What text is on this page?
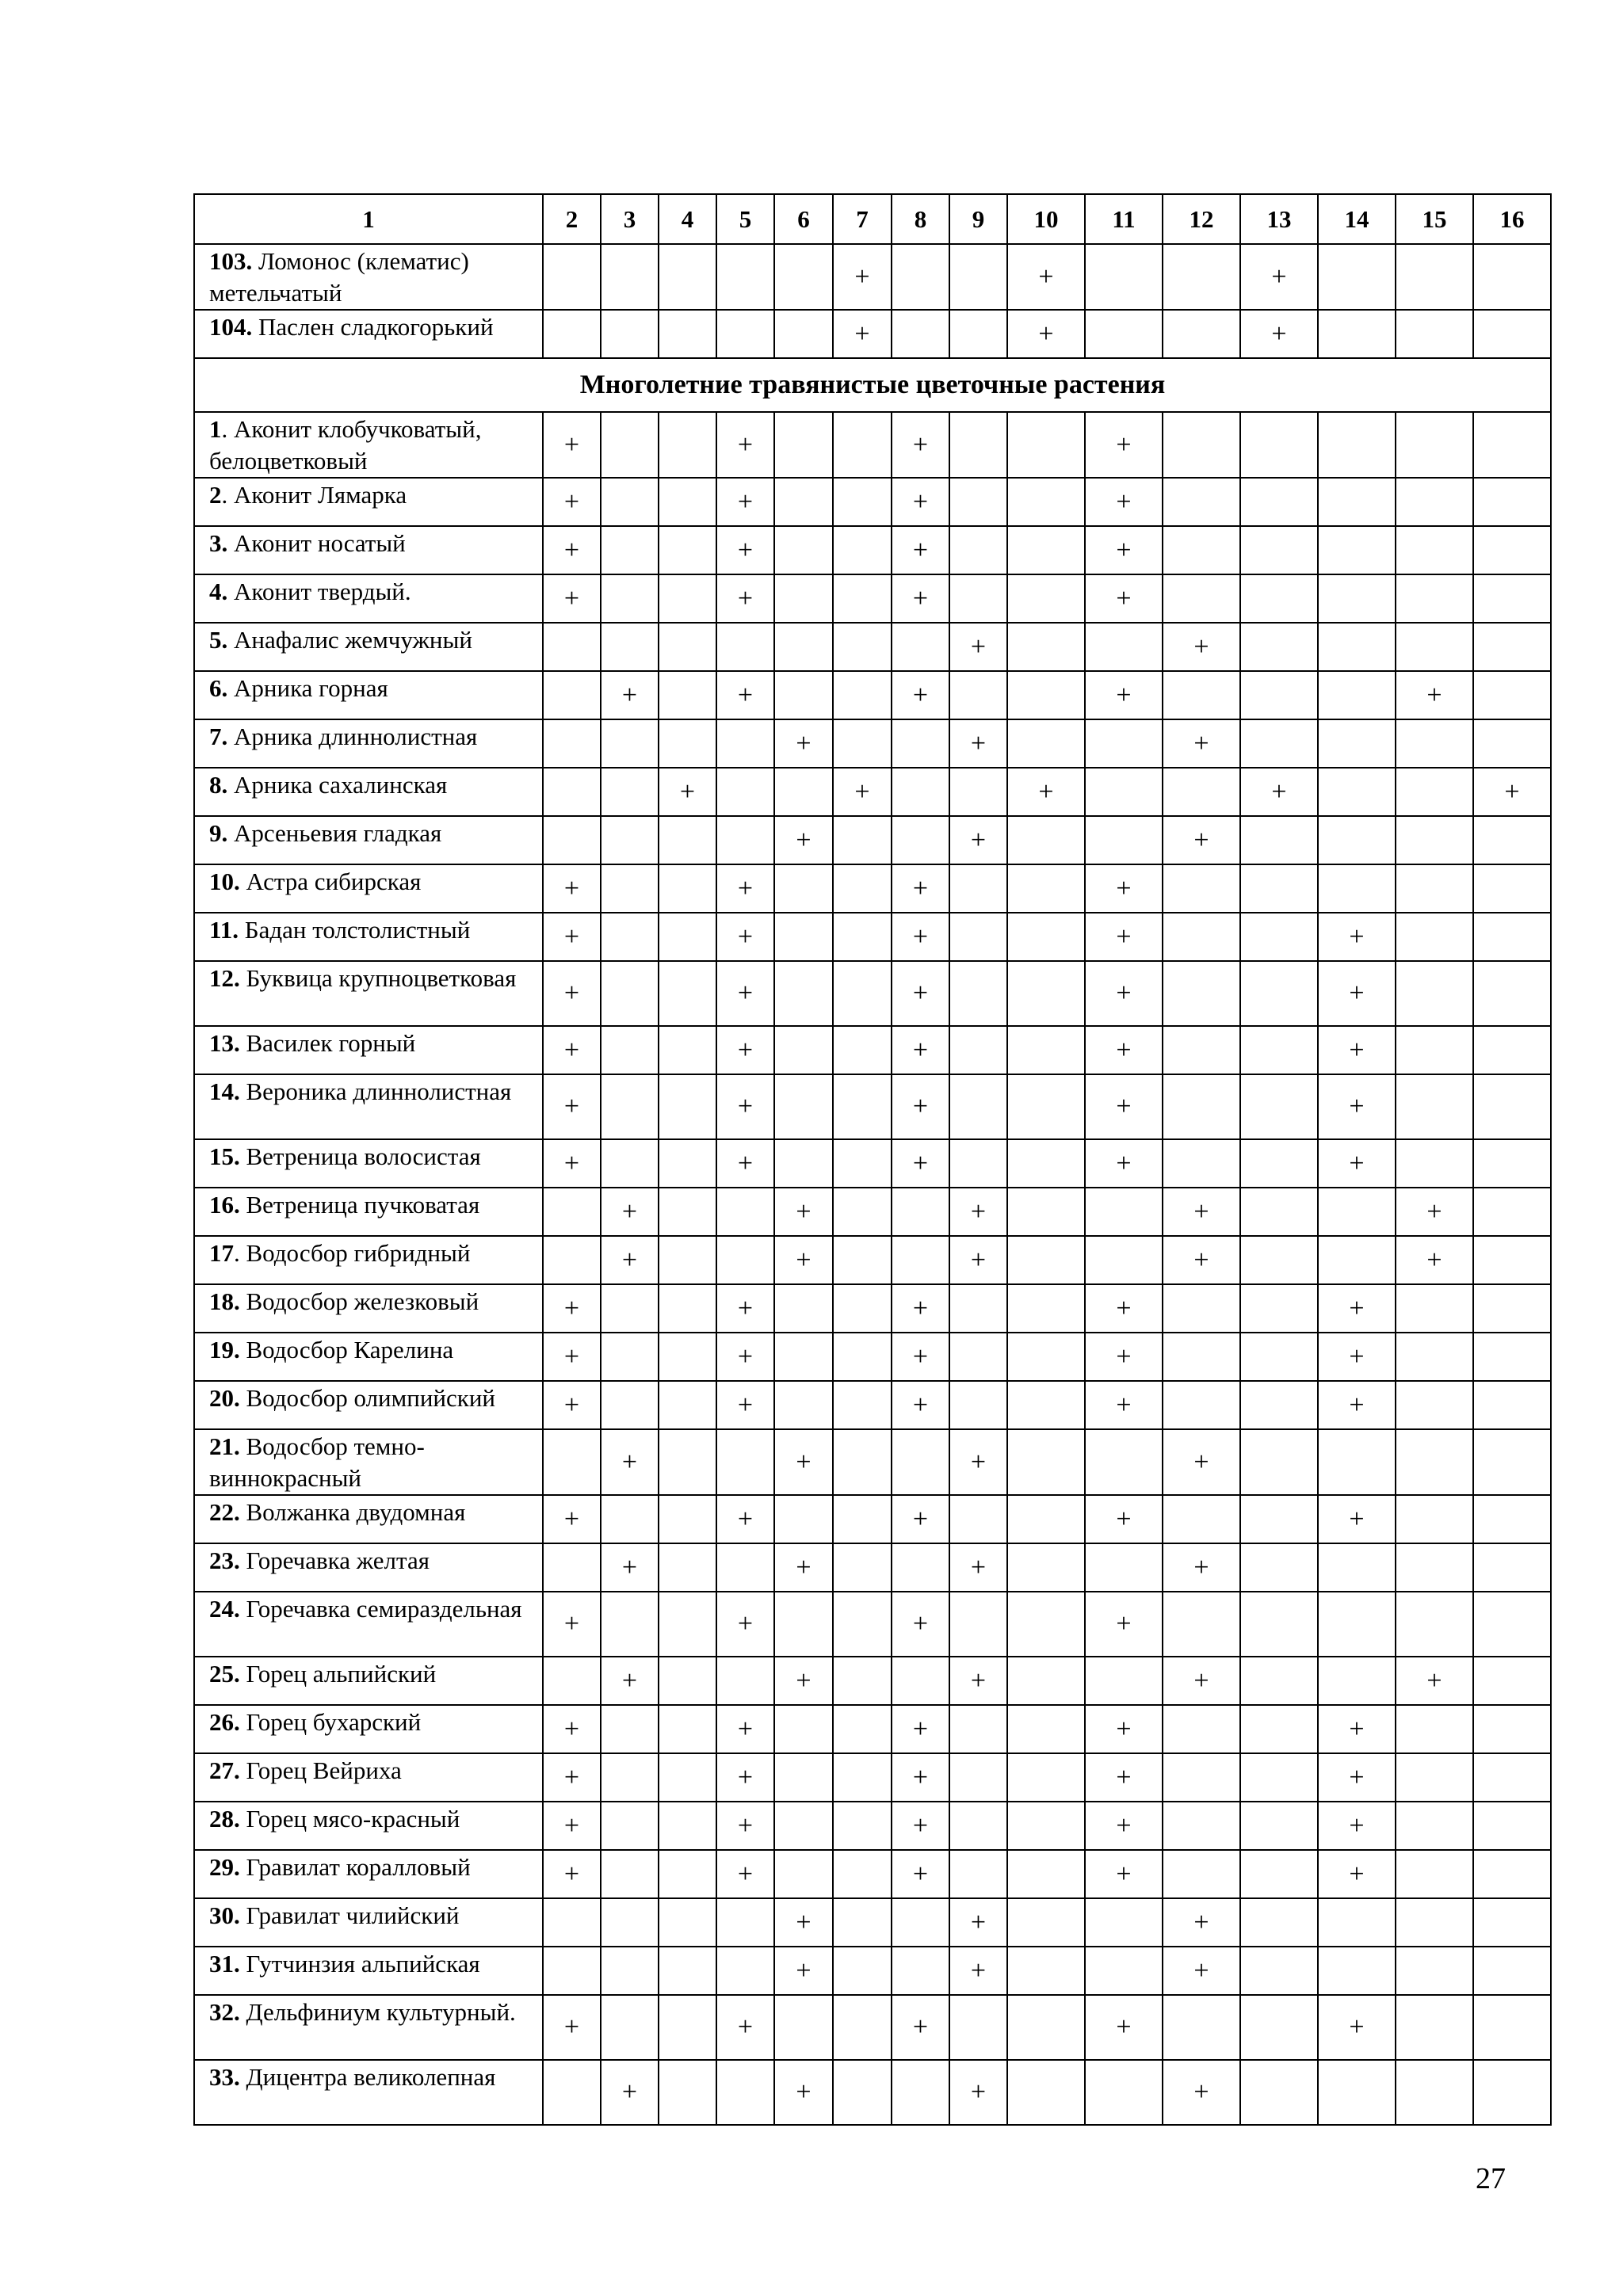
1	2	3	4	5	6	7	8	9	10	11	12	13	14	15	16
103. Ломонос (клематис) метельчатый						+			+			+			
104. Паслен сладкогорький						+			+			+			
Многолетние травянистые цветочные растения															
1. Аконит клобучковатый, белоцветковый	+			+			+			+					
2. Аконит Лямарка	+			+			+			+					
3. Аконит носатый	+			+			+			+					
4. Аконит твердый.	+			+			+			+					
5. Анафалис жемчужный								+			+				
6. Арника горная		+		+			+			+				+	
7. Арника длиннолистная					+			+			+				
8. Арника сахалинская			+			+			+			+			+
9. Арсеньевия гладкая					+			+			+				
10. Астра сибирская	+			+			+			+					
11. Бадан толстолистный	+			+			+			+			+		
12. Буквица крупноцветковая	+			+			+			+			+		
13. Василек горный	+			+			+			+			+		
14. Вероника длиннолистная	+			+			+			+			+		
15. Ветреница волосистая	+			+			+			+			+		
16. Ветреница пучковатая		+			+			+			+			+	
17. Водосбор гибридный		+			+			+			+			+	
18. Водосбор железковый	+			+			+			+			+		
19. Водосбор Карелина	+			+			+			+			+		
20. Водосбор олимпийский	+			+			+			+			+		
21. Водосбор темно-виннокрасный		+			+			+			+				
22. Волжанка двудомная	+			+			+			+			+		
23. Горечавка желтая		+			+			+			+				
24. Горечавка семираздельная	+			+			+			+					
25. Горец альпийский		+			+			+			+			+	
26. Горец бухарский	+			+			+			+			+		
27. Горец Вейриха	+			+			+			+			+		
28. Горец мясо-красный	+			+			+			+			+		
29. Гравилат коралловый	+			+			+			+			+		
30. Гравилат чилийский					+			+			+				
31. Гутчинзия альпийская					+			+			+				
32. Дельфиниум культурный.	+			+			+			+			+		
33. Дицентра великолепная		+			+			+			+				
27
